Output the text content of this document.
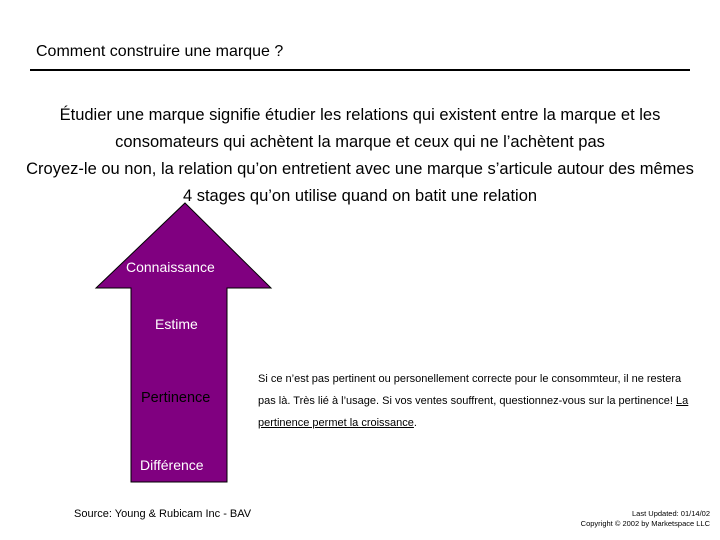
Comment construire une marque ?

Étudier une marque signifie étudier les relations qui existent entre la marque et les consomateurs qui achètent la marque et ceux qui ne l’achètent pas

Croyez-le ou non, la relation qu’on entretient avec une marque s’articule autour des mêmes 4 stages qu’on utilise quand on batit une relation

Connaissance
Estime
Pertinence
Différence
Si ce n’est pas pertinent ou personellement correcte pour le consommteur, il ne restera pas là. Très lié à l’usage. Si vos ventes souffrent, questionnez-vous sur la pertinence! La pertinence permet la croissance.
Source: Young & Rubicam Inc - BAV	Last Updated: 01/14/02
Copyright © 2002 by Marketspace LLC
